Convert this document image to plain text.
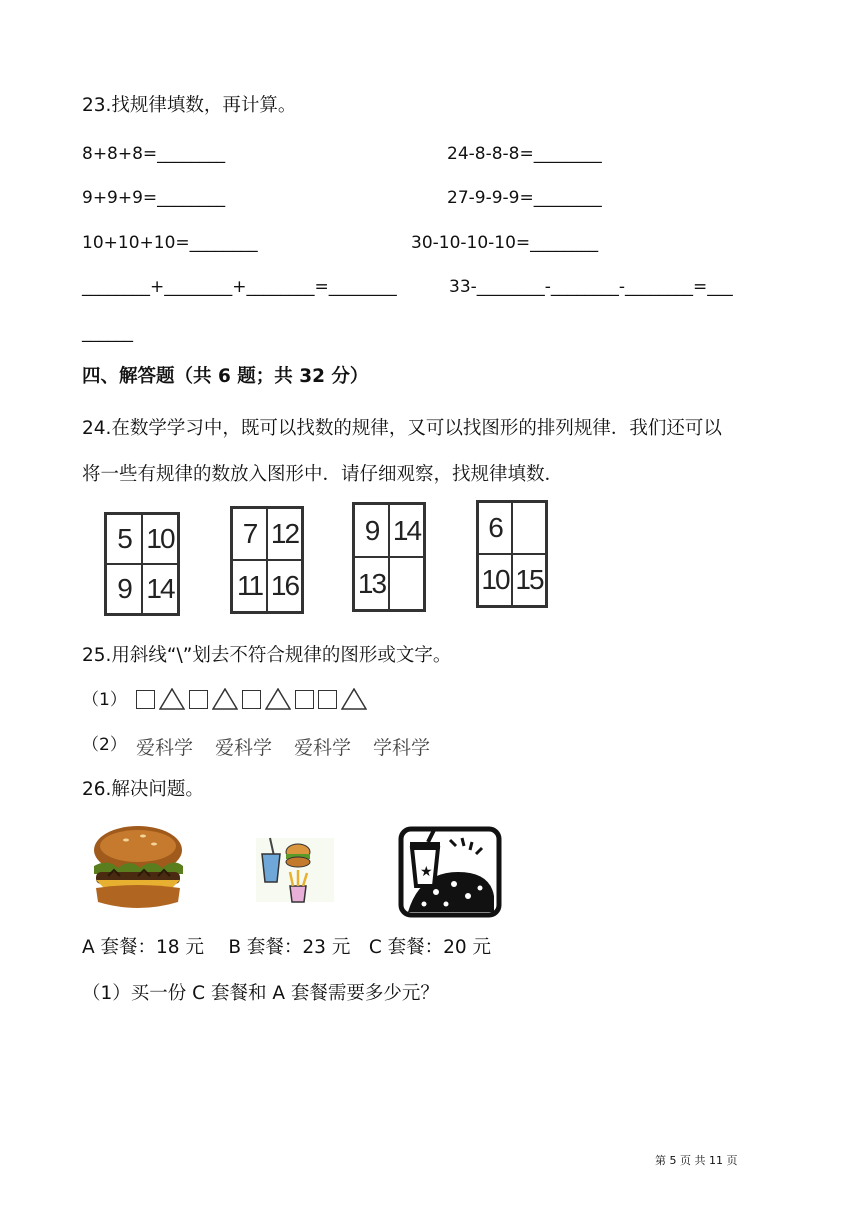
23.找规律填数，再计算。
8+8+8=________	24-8-8-8=________
9+9+9=________	27-9-9-9=________
10+10+10=________	30-10-10-10=________
________+________+________=________	33-________-________-________=___
______
四、解答题（共 6 题；共 32 分）
24.在数学学习中，既可以找数的规律，又可以找图形的排列规律．我们还可以
将一些有规律的数放入图形中．请仔细观察，找规律填数．
5 10
9 14
7 12
11 16
9 14
13
6
10 15
25.用斜线“\”划去不符合规律的图形或文字。
（1）
（2） 爱科学 爱科学 爱科学 学科学
26.解决问题。
★
A 套餐：18 元　 B 套餐：23 元　C 套餐：20 元
（1）买一份 C 套餐和 A 套餐需要多少元？
第 5 页 共 11 页
